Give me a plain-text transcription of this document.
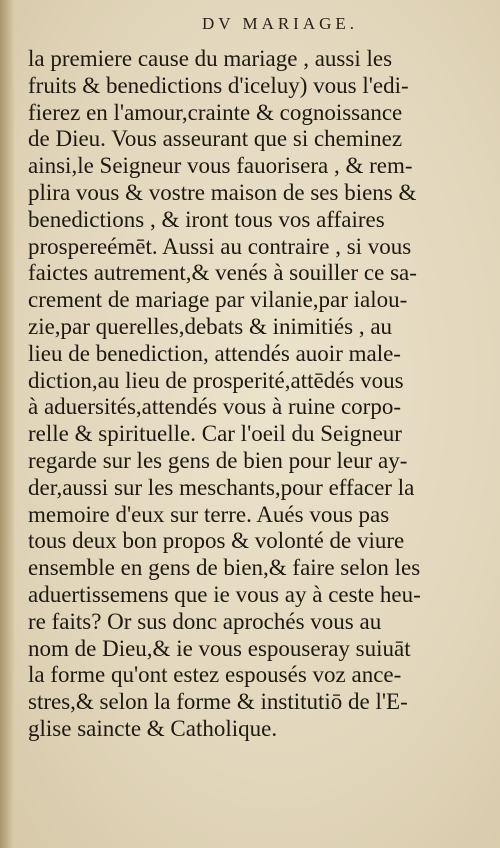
DV MARIAGE.
la premiere cause du mariage , aussi les
fruits & benedictions d'iceluy) vous l'edi-
fierez en l'amour,crainte & cognoissance
de Dieu. Vous asseurant que si cheminez
ainsi,le Seigneur vous fauorisera , & rem-
plira vous & vostre maison de ses biens &
benedictions , & iront tous vos affaires
prospereémēt. Aussi au contraire , si vous
faictes autrement,& venés à souiller ce sa-
crement de mariage par vilanie,par ialou-
zie,par querelles,debats & inimitiés , au
lieu de benediction, attendés auoir male-
diction,au lieu de prosperité,attēdés vous
à aduersités,attendés vous à ruine corpo-
relle & spirituelle. Car l'oeil du Seigneur
regarde sur les gens de bien pour leur ay-
der,aussi sur les meschants,pour effacer la
memoire d'eux sur terre. Aués vous pas
tous deux bon propos & volonté de viure
ensemble en gens de bien,& faire selon les
aduertissemens que ie vous ay à ceste heu-
re faits? Or sus donc aprochés vous au
nom de Dieu,& ie vous espouseray suiuāt
la forme qu'ont estez espousés voz ance-
stres,& selon la forme & institutiō de l'E-
glise saincte & Catholique.
